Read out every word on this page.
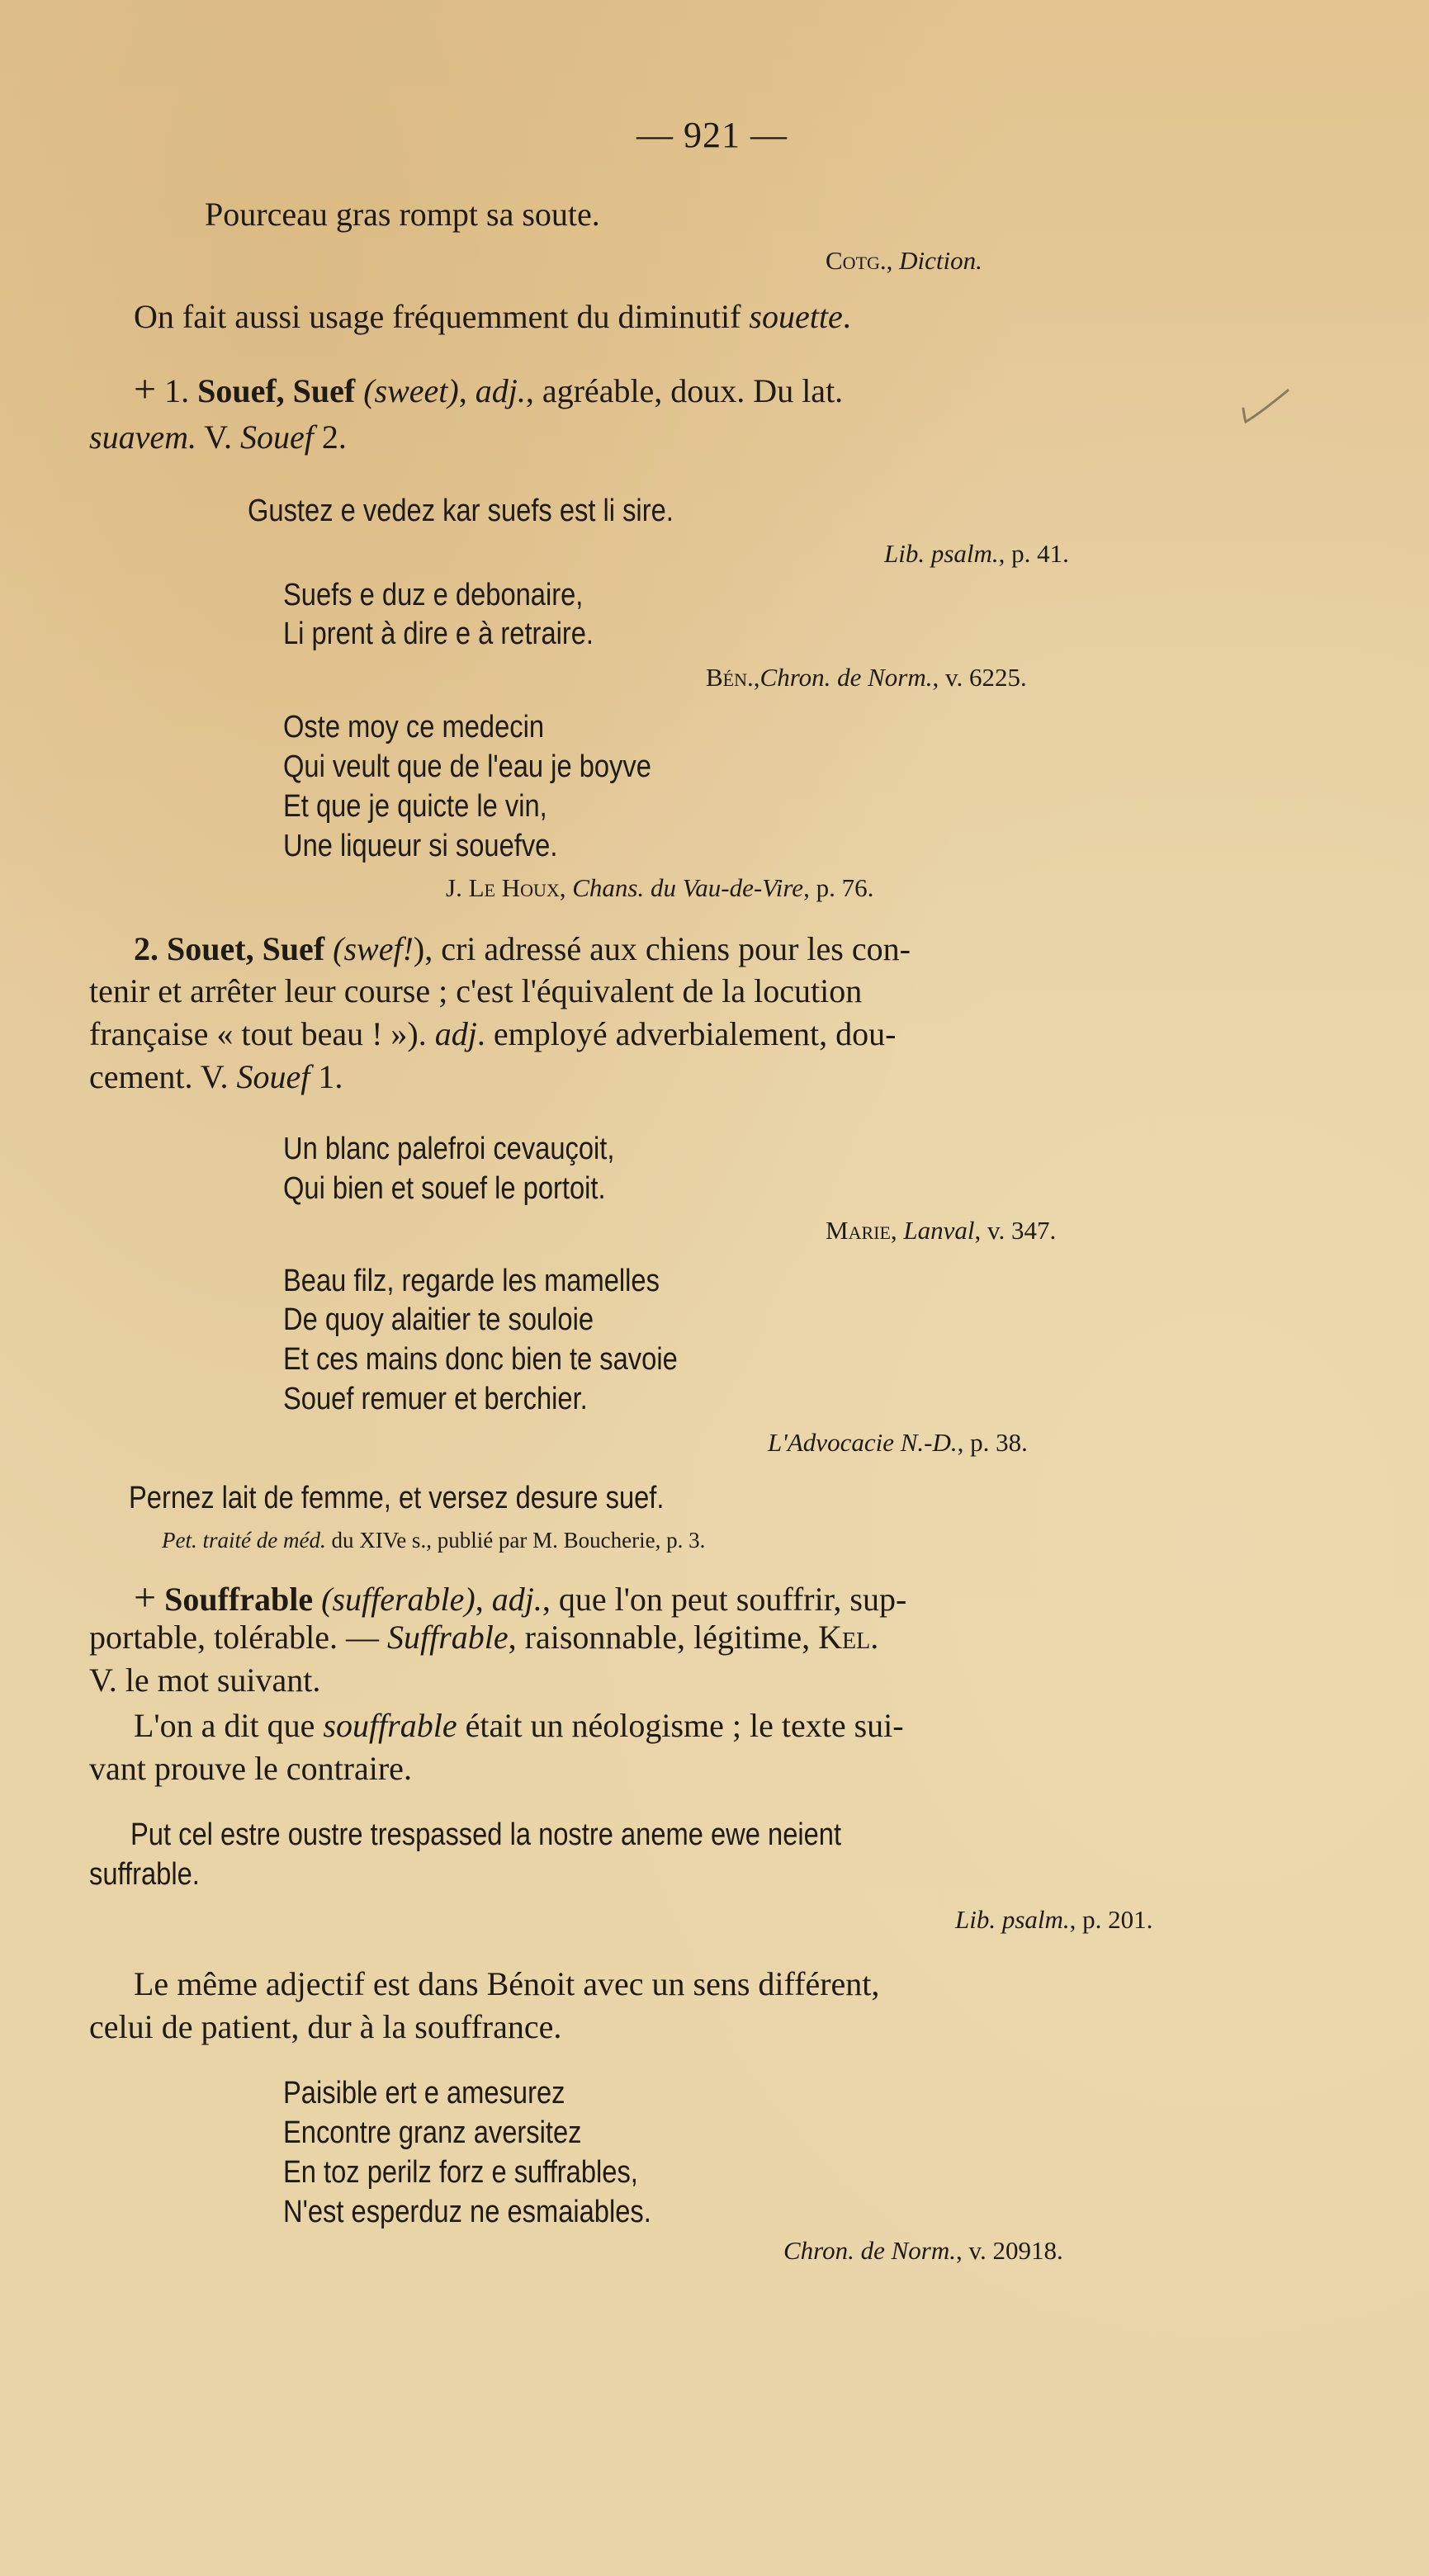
— 921 —
Pourceau gras rompt sa soute.
Cotg., Diction.
On fait aussi usage fréquemment du diminutif souette.
+ 1. Souef, Suef (sweet), adj., agréable, doux. Du lat.
suavem. V. Souef 2.
Gustez e vedez kar suefs est li sire.
Lib. psalm., p. 41.
Suefs e duz e debonaire,
Li prent à dire e à retraire.
Bén.,Chron. de Norm., v. 6225.
Oste moy ce medecin
Qui veult que de l'eau je boyve
Et que je quicte le vin,
Une liqueur si souefve.
J. Le Houx, Chans. du Vau-de-Vire, p. 76.
2. Souet, Suef (swef!), cri adressé aux chiens pour les con-
tenir et arrêter leur course ; c'est l'équivalent de la locution
française « tout beau ! »). adj. employé adverbialement, dou-
cement. V. Souef 1.
Un blanc palefroi cevauçoit,
Qui bien et souef le portoit.
Marie, Lanval, v. 347.
Beau filz, regarde les mamelles
De quoy alaitier te souloie
Et ces mains donc bien te savoie
Souef remuer et berchier.
L'Advocacie N.-D., p. 38.
Pernez lait de femme, et versez desure suef.
Pet. traité de méd. du XIVe s., publié par M. Boucherie, p. 3.
+ Souffrable (sufferable), adj., que l'on peut souffrir, sup-
portable, tolérable. — Suffrable, raisonnable, légitime, Kel.
V. le mot suivant.
L'on a dit que souffrable était un néologisme ; le texte sui-
vant prouve le contraire.
Put cel estre oustre trespassed la nostre aneme ewe neient
suffrable.
Lib. psalm., p. 201.
Le même adjectif est dans Bénoit avec un sens différent,
celui de patient, dur à la souffrance.
Paisible ert e amesurez
Encontre granz aversitez
En toz perilz forz e suffrables,
N'est esperduz ne esmaiables.
Chron. de Norm., v. 20918.
